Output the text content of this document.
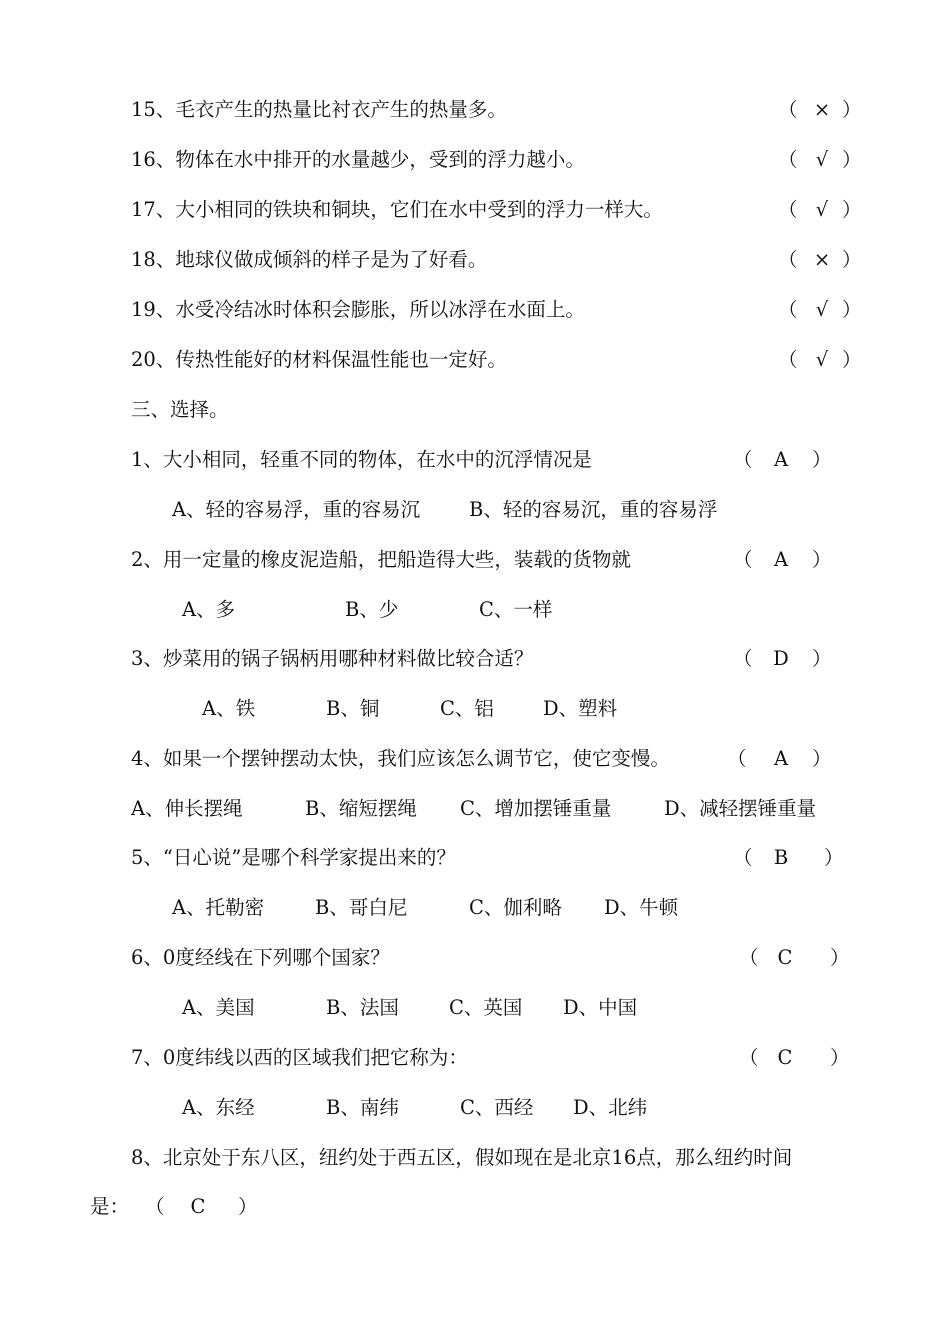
15、毛衣产生的热量比衬衣产生的热量多。	（ × ）
16、物体在水中排开的水量越少，受到的浮力越小。	（ √ ）
17、大小相同的铁块和铜块，它们在水中受到的浮力一样大。	（ √ ）
18、地球仪做成倾斜的样子是为了好看。	（ × ）
19、水受冷结冰时体积会膨胀，所以冰浮在水面上。	（ √ ）
20、传热性能好的材料保温性能也一定好。	（ √ ）
三、选择。
1、大小相同，轻重不同的物体，在水中的沉浮情况是	（ A ）
A、轻的容易浮，重的容易沉	B、轻的容易沉，重的容易浮
2、用一定量的橡皮泥造船，把船造得大些，装载的货物就	（ A ）
A、多	B、少	C、一样
3、炒菜用的锅子锅柄用哪种材料做比较合适？	（ D ）
A、铁	B、铜	C、铝	D、塑料
4、如果一个摆钟摆动太快，我们应该怎么调节它，使它变慢。	（ A ）
A、伸长摆绳	B、缩短摆绳 C、增加摆锤重量	D、减轻摆锤重量
5、“日心说”是哪个科学家提出来的？	（ B ）
A、托勒密	B、哥白尼	C、伽利略 D、牛顿
6、0度经线在下列哪个国家？	（ C ）
A、美国	B、法国	C、英国 D、中国
7、0度纬线以西的区域我们把它称为：	（ C ）
A、东经	B、南纬	C、西经 D、北纬
8、北京处于东八区，纽约处于西五区，假如现在是北京16点，那么纽约时间
是： （ C ）
